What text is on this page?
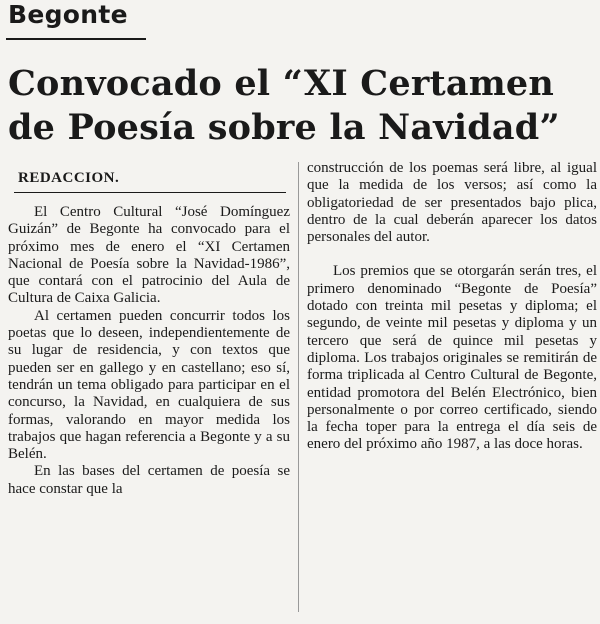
Begonte
Convocado el “XI Certamen
de Poesía sobre la Navidad”
REDACCION.

El Centro Cultural “José Domínguez Guizán” de Begonte ha convocado para el próximo mes de enero el “XI Certamen Nacional de Poesía sobre la Navidad-1986”, que contará con el patrocinio del Aula de Cultura de Caixa Galicia.

Al certamen pueden concurrir todos los poetas que lo deseen, independientemente de su lugar de residencia, y con textos que pueden ser en gallego y en castellano; eso sí, tendrán un tema obligado para participar en el concurso, la Navidad, en cualquiera de sus formas, valorando en mayor medida los trabajos que hagan referencia a Begonte y a su Belén.

En las bases del certamen de poesía se hace constar que la

construcción de los poemas será libre, al igual que la medida de los versos; así como la obligatoriedad de ser presentados bajo plica, dentro de la cual deberán aparecer los datos personales del autor.

Los premios que se otorgarán serán tres, el primero denominado “Begonte de Poesía” dotado con treinta mil pesetas y diploma; el segundo, de veinte mil pesetas y diploma y un tercero que será de quince mil pesetas y diploma. Los trabajos originales se remitirán de forma triplicada al Centro Cultural de Begonte, entidad promotora del Belén Electrónico, bien personalmente o por correo certificado, siendo la fecha toper para la entrega el día seis de enero del próximo año 1987, a las doce horas.
